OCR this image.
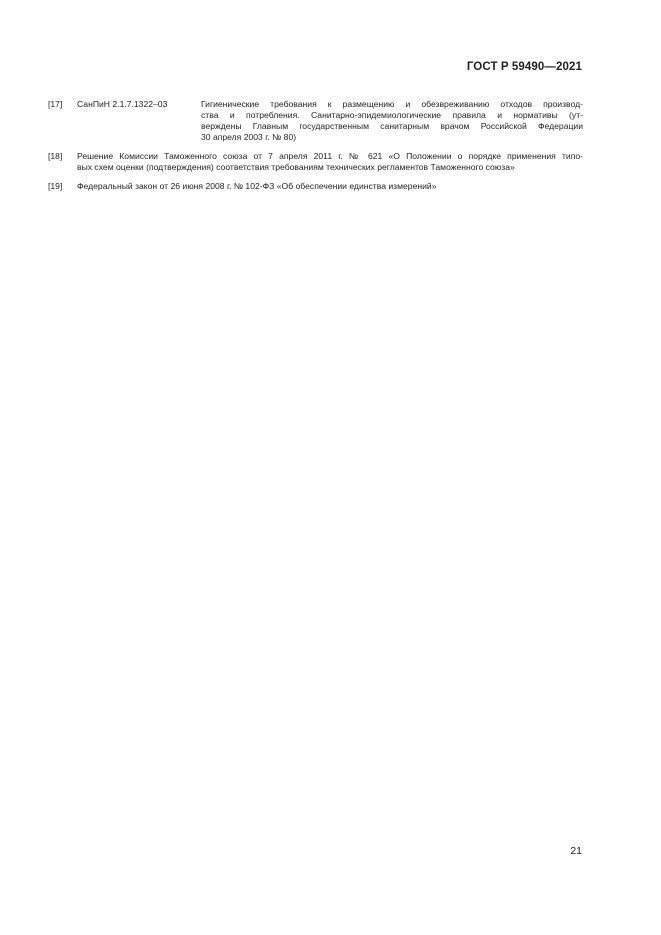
ГОСТ Р 59490—2021
[17] СанПиН 2.1.7.1322–03	Гигиенические требования к размещению и обезвреживанию отходов производ-
ства и потребления. Санитарно-эпидемиологические правила и нормативы (ут-
верждены Главным государственным санитарным врачом Российской Федерации
30 апреля 2003 г. № 80)
[18] Решение Комиссии Таможенного союза от 7 апреля 2011 г. № 621 «О Положении о порядке применения типо-
вых схем оценки (подтверждения) соответствия требованиям технических регламентов Таможенного союза»
[19] Федеральный закон от 26 июня 2008 г. № 102-ФЗ «Об обеспечении единства измерений»
21
